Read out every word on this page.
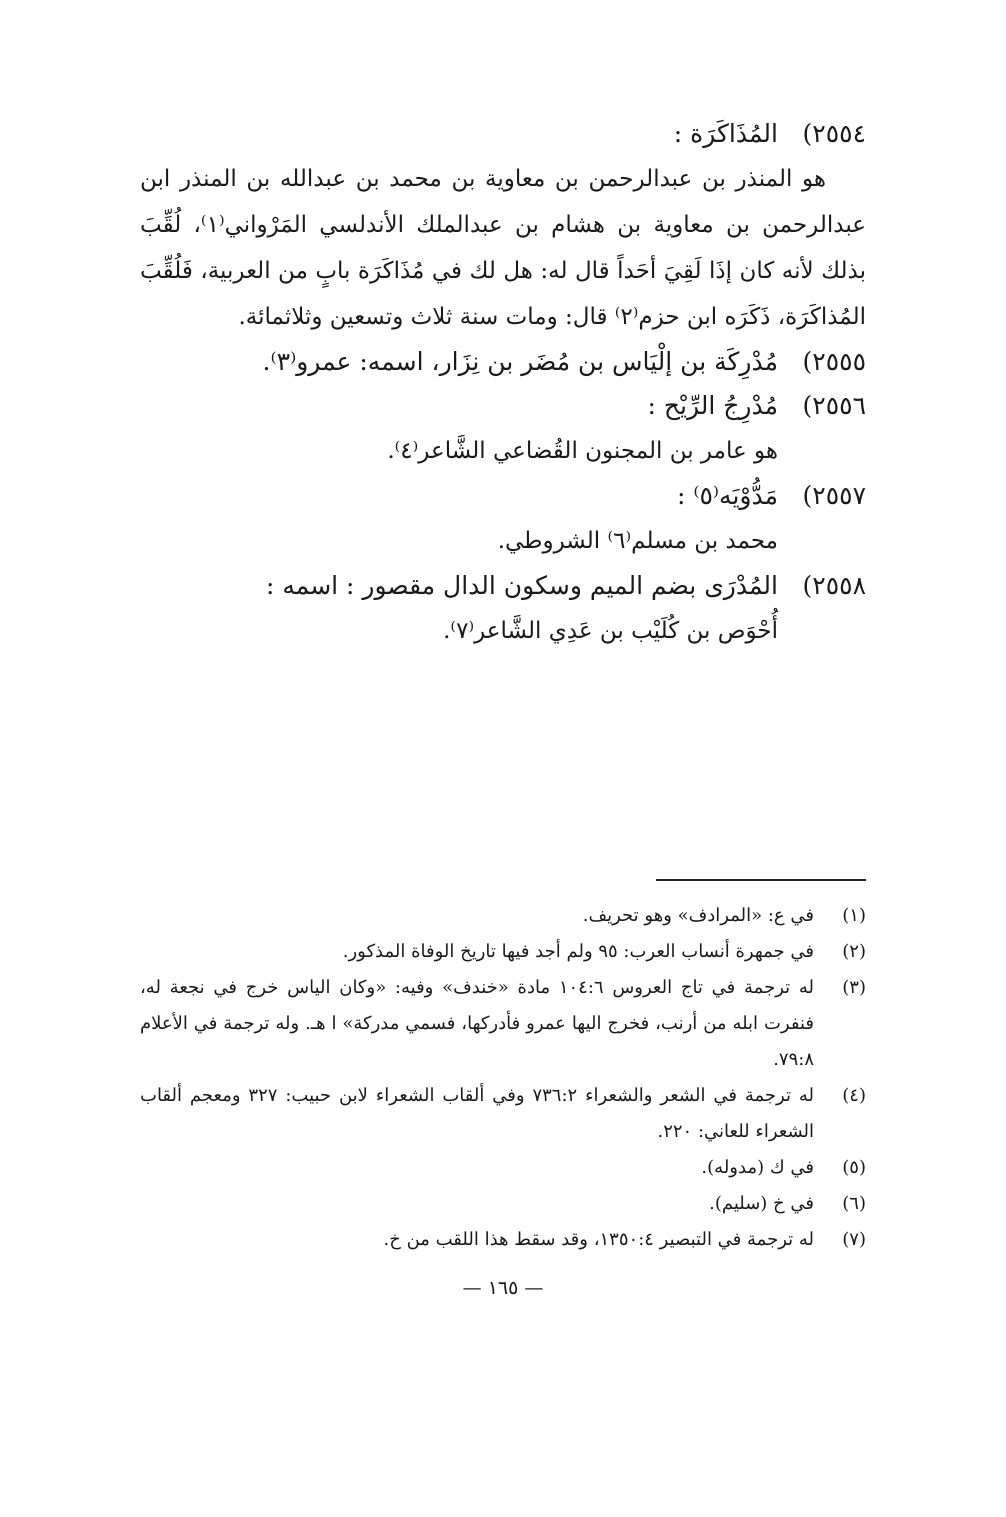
٢٥٥٤)
المُذَاكَرَة :

هو المنذر بن عبدالرحمن بن معاوية بن محمد بن عبدالله بن المنذر ابن عبدالرحمن بن معاوية بن هشام بن عبدالملك الأندلسي المَرْواني⁽١⁾، لُقِّبَ بذلك لأنه كان إذَا لَقِيَ أحَداً قال له: هل لك في مُذَاكَرَة بابٍ من العربية، فَلُقِّبَ المُذاكَرَة، ذَكَرَه ابن حزم⁽٢⁾ قال: ومات سنة ثلاث وتسعين وثلاثمائة.

٢٥٥٥)
مُدْرِكَة بن إلْيَاس بن مُضَر بن نِزَار، اسمه: عمرو⁽٣⁾.
٢٥٥٦)
مُدْرِجُ الرِّيْح :

هو عامر بن المجنون القُضاعي الشَّاعر⁽٤⁾.

٢٥٥٧)
مَدُّوْيَه⁽٥⁾ :

محمد بن مسلم⁽٦⁾ الشروطي.

٢٥٥٨)
المُدْرَى بضم الميم وسكون الدال مقصور : اسمه :

أُحْوَص بن كُلَيْب بن عَدِي الشَّاعر⁽٧⁾.

(١)
في ع: «المرادف» وهو تحريف.
(٢)
في جمهرة أنساب العرب: ٩٥ ولم أجد فيها تاريخ الوفاة المذكور.
(٣)
له ترجمة في تاج العروس ١٠٤:٦ مادة «خندف» وفيه: «وكان الياس خرج في نجعة له، فنفرت ابله من أرنب، فخرج اليها عمرو فأدركها، فسمي مدركة» ا هـ. وله ترجمة في الأعلام ٧٩:٨.
(٤)
له ترجمة في الشعر والشعراء ٧٣٦:٢ وفي ألقاب الشعراء لابن حبيب: ٣٢٧ ومعجم ألقاب الشعراء للعاني: ٢٢٠.
(٥)
في ك (مدوله).
(٦)
في خ (سليم).
(٧)
له ترجمة في التبصير ١٣٥٠:٤، وقد سقط هذا اللقب من خ.
— ١٦٥ —
